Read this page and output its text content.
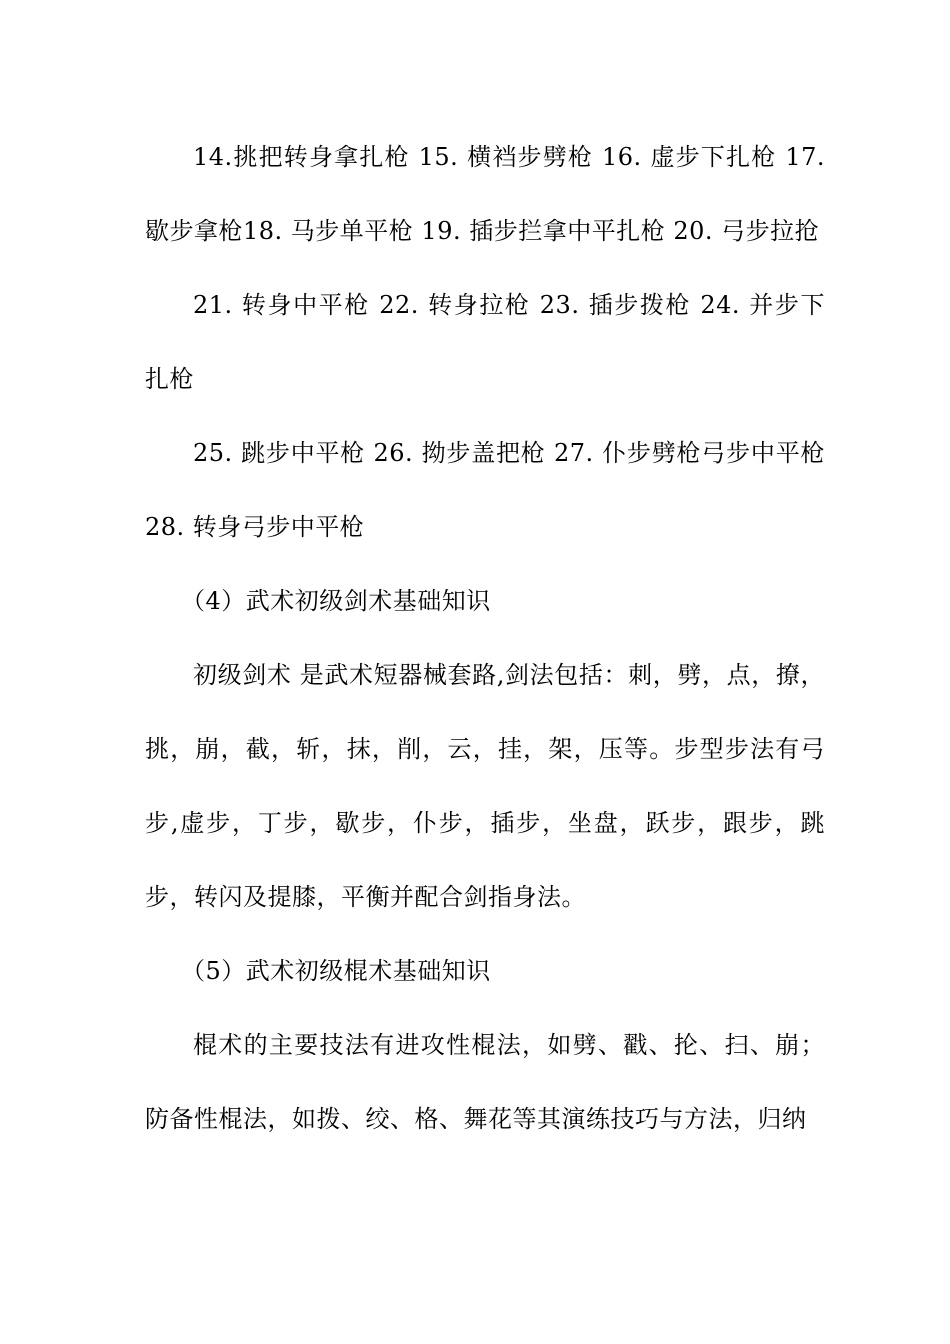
14.挑把转身拿扎枪 15. 横裆步劈枪 16. 虚步下扎枪 17. 歇步拿枪18. 马步单平枪 19. 插步拦拿中平扎枪 20. 弓步拉抢

21. 转身中平枪 22. 转身拉枪 23. 插步拨枪 24. 并步下扎枪

25. 跳步中平枪 26. 拗步盖把枪 27. 仆步劈枪弓步中平枪 28. 转身弓步中平枪

（4）武术初级剑术基础知识

初级剑术 是武术短器械套路,剑法包括：刺，劈，点，撩，挑，崩，截，斩，抹，削，云，挂，架，压等。步型步法有弓步,虚步，丁步，歇步，仆步，插步，坐盘，跃步，跟步，跳步，转闪及提膝，平衡并配合剑指身法。

（5）武术初级棍术基础知识

棍术的主要技法有进攻性棍法，如劈、戳、抡、扫、崩；防备性棍法，如拨、绞、格、舞花等其演练技巧与方法，归纳
